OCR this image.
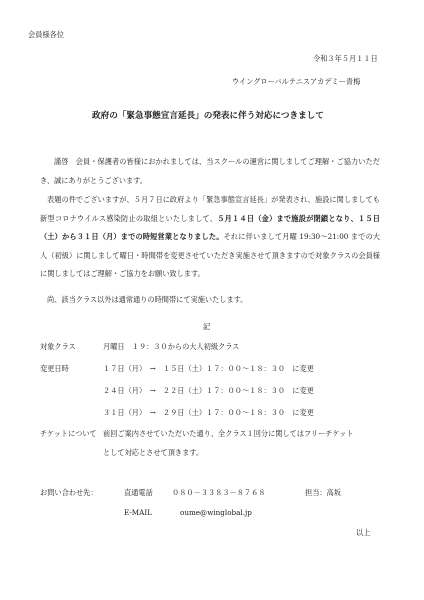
会員様各位
令和３年５月１１日
ウイングローバルテニスアカデミー青梅
政府の「緊急事態宣言延長」の発表に伴う対応につきまして
謹啓　会員・保護者の皆様におかれましては、当スクールの運営に関しましてご理解・ご協力いただき、誠にありがとうございます。
表題の件でございますが、５月７日に政府より「緊急事態宣言延長」が発表され、施設に関しましても新型コロナウイルス感染防止の取組といたしまして、５月１４日（金）まで施設が閉鎖となり、１５日（土）から３１日（月）までの時短営業となりました。それに伴いまして月曜 19:30～21:00 までの大人（初級）に関しまして曜日・時間帯を変更させていただき実施させて頂きますので対象クラスの会員様に関しましてはご理解・ご協力をお願い致します。
尚、該当クラス以外は通常通りの時間帯にて実施いたします。
記
対象クラス	月曜日　１９：３０からの大人初級クラス
変更日時	１７日（月）　→　１５日（土）１７：００～１８：３０　に変更
２４日（月）　→　２２日（土）１７：００～１８：３０　に変更
３１日（月）　→　２９日（土）１７：００～１８：３０　に変更
チケットについて 前回ご案内させていただいた通り、全クラス１回分に関してはフリーチケット
として対応とさせて頂きます。
お問い合わせ先：	直通電話	０８０－３３８３－８７６８	担当：高坂
E-MAIL	oume@winglobal.jp
以上
